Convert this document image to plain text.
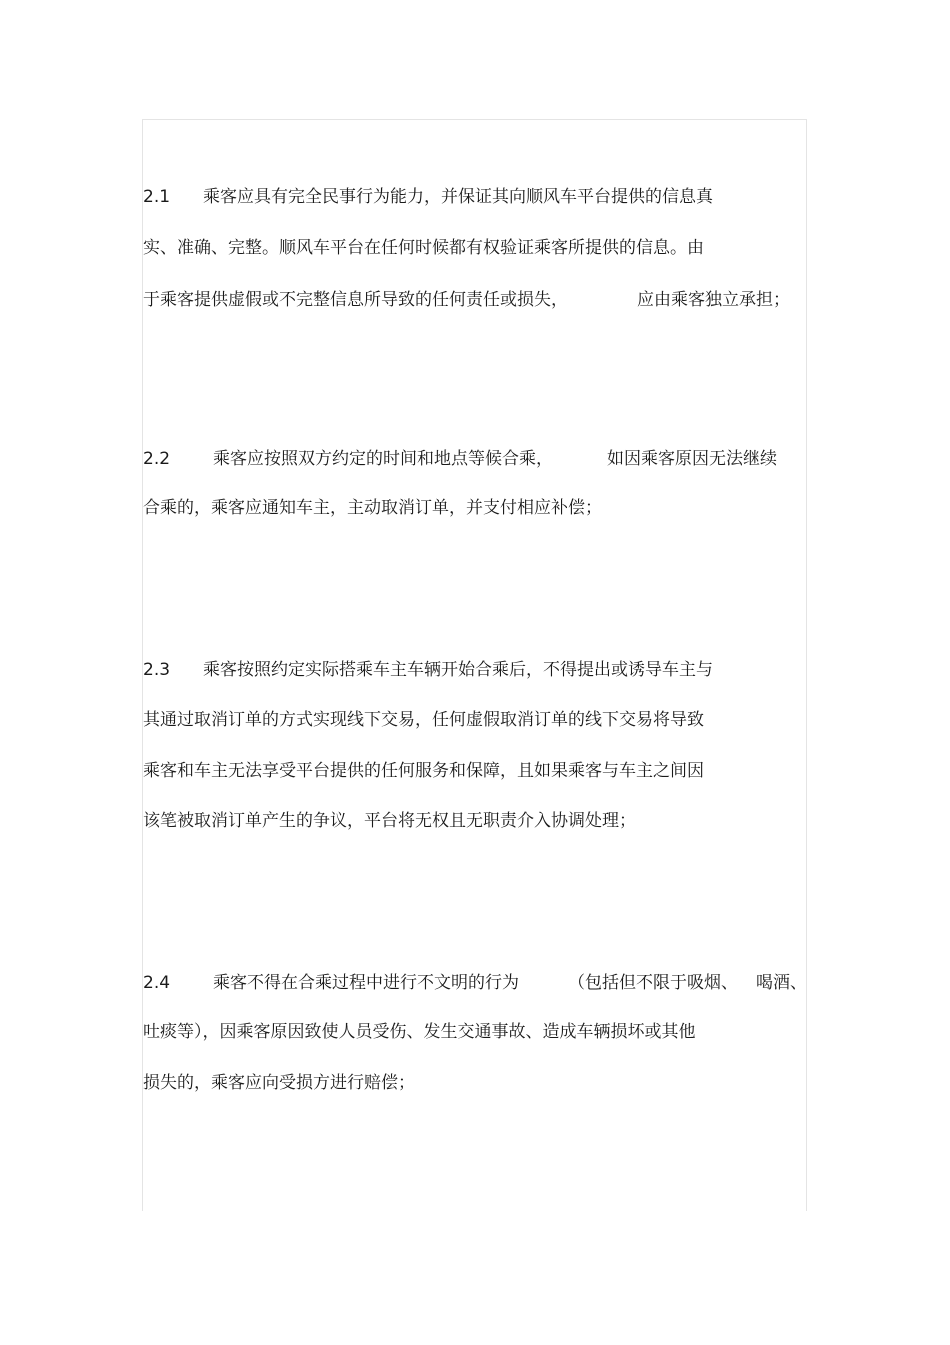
2.1 乘客应具有完全民事行为能力，并保证其向顺风车平台提供的信息真
实、准确、完整。顺风车平台在任何时候都有权验证乘客所提供的信息。由
于乘客提供虚假或不完整信息所导致的任何责任或损失，	应由乘客独立承担；
2.2	乘客应按照双方约定的时间和地点等候合乘，	如因乘客原因无法继续
合乘的，乘客应通知车主，主动取消订单，并支付相应补偿；
2.3 乘客按照约定实际搭乘车主车辆开始合乘后，不得提出或诱导车主与
其通过取消订单的方式实现线下交易，任何虚假取消订单的线下交易将导致
乘客和车主无法享受平台提供的任何服务和保障，且如果乘客与车主之间因
该笔被取消订单产生的争议，平台将无权且无职责介入协调处理；
2.4	乘客不得在合乘过程中进行不文明的行为	（包括但不限于吸烟、 喝酒、
吐痰等），因乘客原因致使人员受伤、发生交通事故、造成车辆损坏或其他
损失的，乘客应向受损方进行赔偿；
